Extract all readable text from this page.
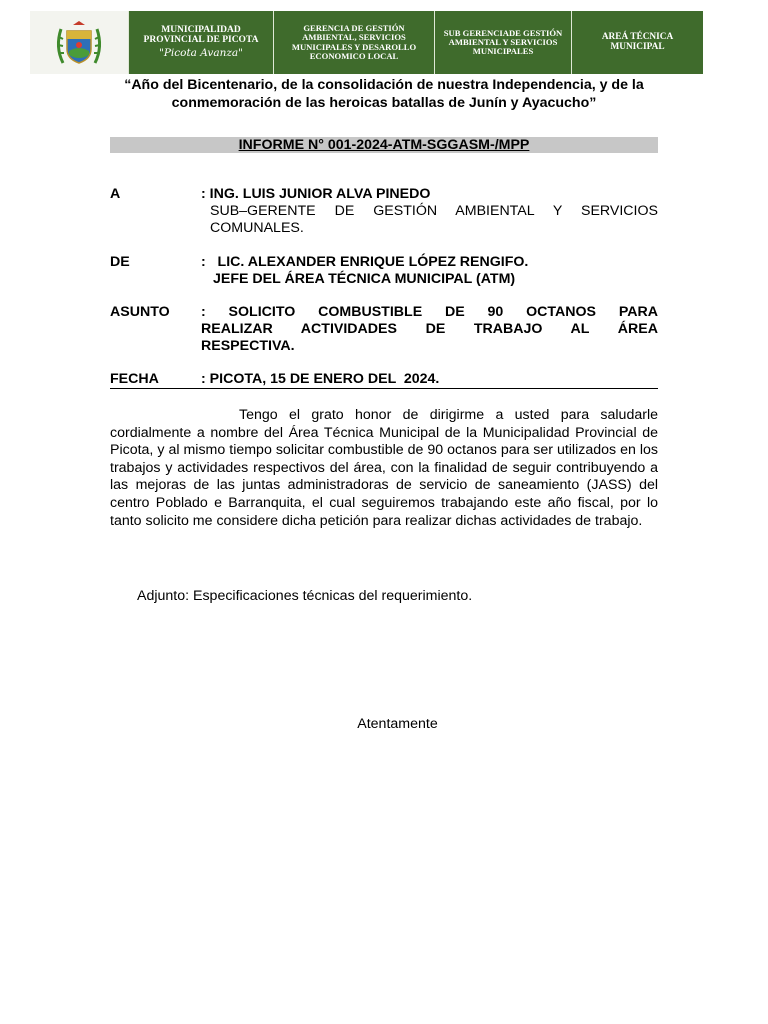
MUNICIPALIDAD PROVINCIAL DE PICOTA
"Picota Avanza"
GERENCIA DE GESTIÓN AMBIENTAL, SERVICIOS MUNICIPALES Y DESAROLLO ECONOMICO LOCAL
SUB GERENCIADE GESTIÓN AMBIENTAL Y SERVICIOS MUNICIPALES
AREÁ TÉCNICA MUNICIPAL
“Año del Bicentenario, de la consolidación de nuestra Independencia, y de la conmemoración de las heroicas batallas de Junín y Ayacucho”
INFORME N° 001-2024-ATM-SGGASM-/MPP
A	: ING. LUIS JUNIOR ALVA PINEDO
SUB–GERENTE DE GESTIÓN AMBIENTAL Y SERVICIOS COMUNALES.
DE	:   LIC. ALEXANDER ENRIQUE LÓPEZ RENGIFO.
JEFE DEL ÁREA TÉCNICA MUNICIPAL (ATM)
ASUNTO : SOLICITO COMBUSTIBLE DE 90 OCTANOS PARA
REALIZAR ACTIVIDADES DE TRABAJO AL ÁREA
RESPECTIVA.
FECHA	: PICOTA, 15 DE ENERO DEL  2024.
Tengo el grato honor de dirigirme a usted para saludarle cordialmente a nombre del Área Técnica Municipal de la Municipalidad Provincial de Picota, y al mismo tiempo solicitar combustible de 90 octanos para ser utilizados en los trabajos y actividades respectivos del área, con la finalidad de seguir contribuyendo a las mejoras de las juntas administradoras de servicio de saneamiento (JASS) del centro Poblado e Barranquita, el cual seguiremos trabajando este año fiscal, por lo tanto solicito me considere dicha petición para realizar dichas actividades de trabajo.
Adjunto: Especificaciones técnicas del requerimiento.
Atentamente
